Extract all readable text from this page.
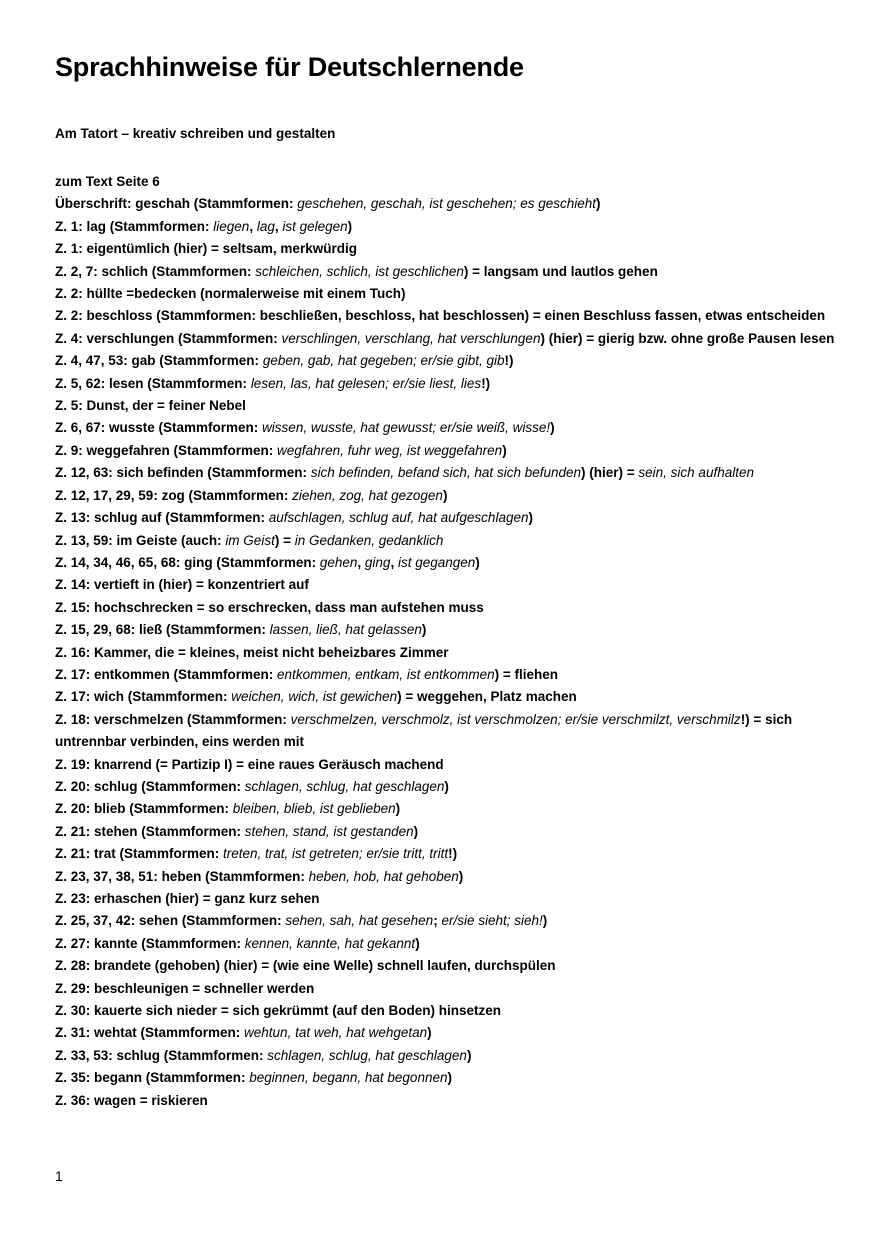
Sprachhinweise für Deutschlernende
Am Tatort – kreativ schreiben und gestalten
zum Text Seite 6
Überschrift: geschah (Stammformen: geschehen, geschah, ist geschehen; es geschieht)
Z. 1: lag (Stammformen: liegen, lag, ist gelegen)
Z. 1: eigentümlich (hier) = seltsam, merkwürdig
Z. 2, 7: schlich (Stammformen: schleichen, schlich, ist geschlichen) = langsam und lautlos gehen
Z. 2: hüllte =bedecken (normalerweise mit einem Tuch)
Z. 2: beschloss (Stammformen: beschließen, beschloss, hat beschlossen) = einen Beschluss fassen, etwas entscheiden
Z. 4: verschlungen (Stammformen: verschlingen, verschlang, hat verschlungen) (hier) = gierig bzw. ohne große Pausen lesen
Z. 4, 47, 53: gab (Stammformen: geben, gab, hat gegeben; er/sie gibt, gib!)
Z. 5, 62: lesen (Stammformen: lesen, las, hat gelesen; er/sie liest, lies!)
Z. 5: Dunst, der = feiner Nebel
Z. 6, 67: wusste (Stammformen: wissen, wusste, hat gewusst; er/sie weiß, wisse!)
Z. 9: weggefahren (Stammformen: wegfahren, fuhr weg, ist weggefahren)
Z. 12, 63: sich befinden (Stammformen: sich befinden, befand sich, hat sich befunden) (hier) = sein, sich aufhalten
Z. 12, 17, 29, 59: zog (Stammformen: ziehen, zog, hat gezogen)
Z. 13: schlug auf (Stammformen: aufschlagen, schlug auf, hat aufgeschlagen)
Z. 13, 59: im Geiste (auch: im Geist) = in Gedanken, gedanklich
Z. 14, 34, 46, 65, 68: ging (Stammformen: gehen, ging, ist gegangen)
Z. 14: vertieft in (hier) = konzentriert auf
Z. 15: hochschrecken = so erschrecken, dass man aufstehen muss
Z. 15, 29, 68: ließ (Stammformen: lassen, ließ, hat gelassen)
Z. 16: Kammer, die = kleines, meist nicht beheizbares Zimmer
Z. 17: entkommen (Stammformen: entkommen, entkam, ist entkommen) = fliehen
Z. 17: wich (Stammformen: weichen, wich, ist gewichen) = weggehen, Platz machen
Z. 18: verschmelzen (Stammformen: verschmelzen, verschmolz, ist verschmolzen; er/sie verschmilzt, verschmilz!) = sich untrennbar verbinden, eins werden mit
Z. 19: knarrend (= Partizip I) = eine raues Geräusch machend
Z. 20: schlug (Stammformen: schlagen, schlug, hat geschlagen)
Z. 20: blieb (Stammformen: bleiben, blieb, ist geblieben)
Z. 21: stehen (Stammformen: stehen, stand, ist gestanden)
Z. 21: trat (Stammformen: treten, trat, ist getreten; er/sie tritt, tritt!)
Z. 23, 37, 38, 51: heben (Stammformen: heben, hob, hat gehoben)
Z. 23: erhaschen (hier) = ganz kurz sehen
Z. 25, 37, 42: sehen (Stammformen: sehen, sah, hat gesehen; er/sie sieht; sieh!)
Z. 27: kannte (Stammformen: kennen, kannte, hat gekannt)
Z. 28: brandete (gehoben) (hier) = (wie eine Welle) schnell laufen, durchspülen
Z. 29: beschleunigen = schneller werden
Z. 30: kauerte sich nieder = sich gekrümmt (auf den Boden) hinsetzen
Z. 31: wehtat (Stammformen: wehtun, tat weh, hat wehgetan)
Z. 33, 53: schlug (Stammformen: schlagen, schlug, hat geschlagen)
Z. 35: begann (Stammformen: beginnen, begann, hat begonnen)
Z. 36: wagen = riskieren
1
